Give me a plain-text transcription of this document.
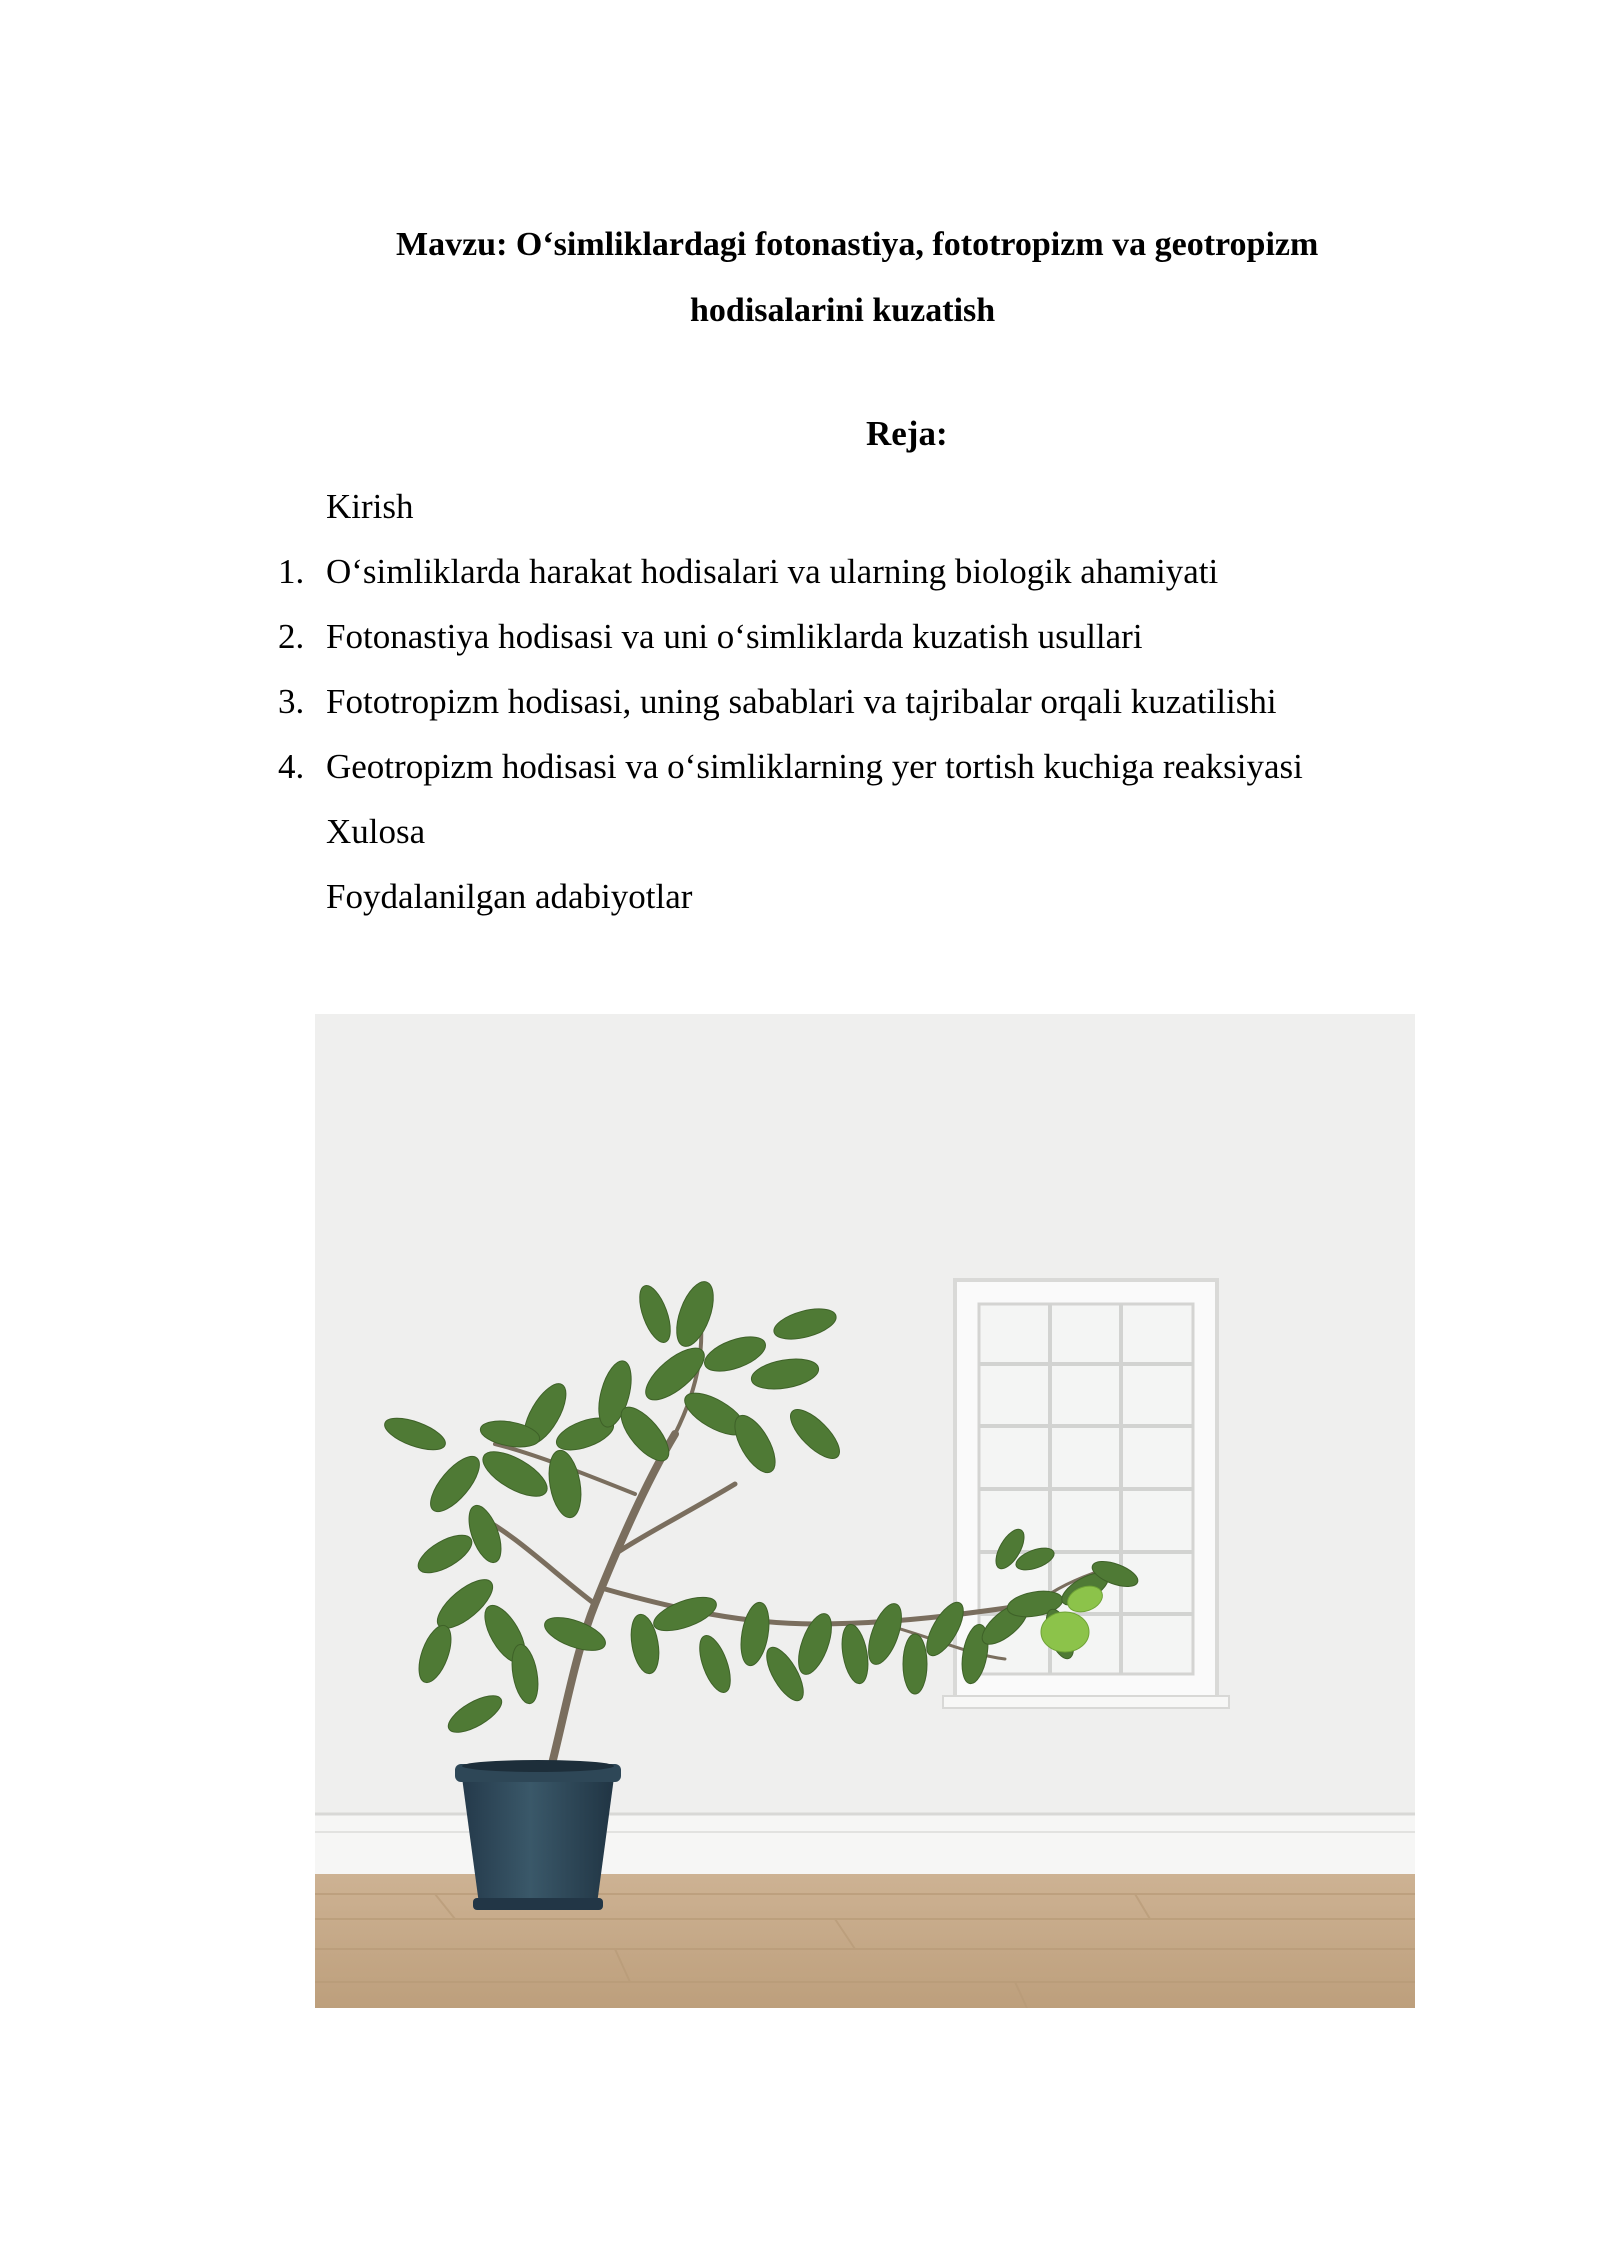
Mavzu: O‘simliklardagi fotonastiya, fototropizm va geotropizm
hodisalarini kuzatish
Reja:
Kirish
1. O‘simliklarda harakat hodisalari va ularning biologik ahamiyati
2. Fotonastiya hodisasi va uni o‘simliklarda kuzatish usullari
3. Fototropizm hodisasi, uning sabablari va tajribalar orqali kuzatilishi
4. Geotropizm hodisasi va o‘simliklarning yer tortish kuchiga reaksiyasi
Xulosa
Foydalanilgan adabiyotlar
